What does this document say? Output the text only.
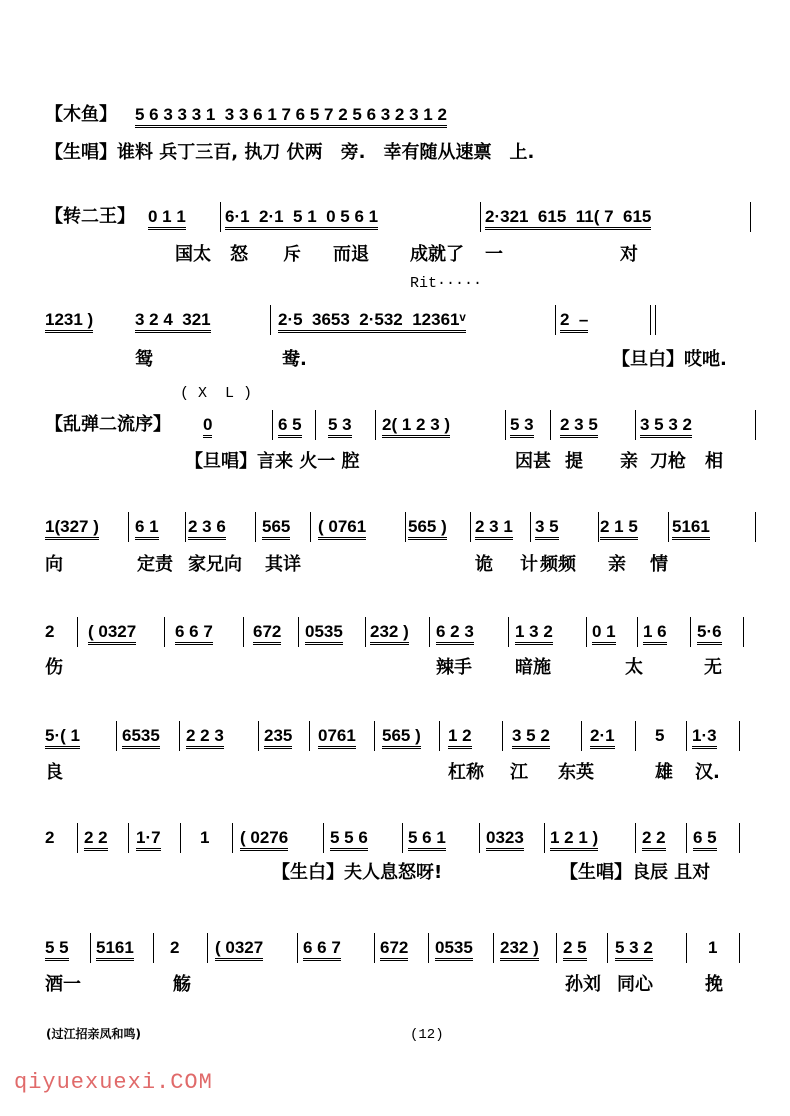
【木鱼】 5 6 3 3 3 1  3 3 6 1 7 6 5 7 2 5 6 3 2 3 1 2
【生唱】谁料 兵丁三百, 执刀 伏两　旁.　幸有随从速禀　上.
【转二王】 0 1 1 6·1  2·1  5 1  0 5 6 1	2·321  615  11( 7  615
国太 怒 斥 而退 成就了 一	对
Rit·····
1231 ) 3 2 4  321	2·5  3653  2·532  12361ᵛ	2  –
鸳	鸯.	【旦白】哎吔.
( X  L )
【乱弹二流序】 0	6 5 5 3 2( 1 2 3 )	5 3 2 3 5 3 5 3 2
【旦唱】言来 火一 腔	因甚 提 亲 刀枪 相
1(327 ) 6 1 2 3 6 565 ( 0761 565 ) 2 3 1 3 5 2 1 5 5161
向	定责 家兄向 其详	诡 计 频频 亲 情
2 ( 0327 6 6 7 672 0535 232 ) 6 2 3 1 3 2 0 1 1 6 5·6
伤	辣手 暗施	太	无
5·( 1 6535 2 2 3 235 0761 565 ) 1 2 3 5 2 2·1 5 1·3
良	杠称 江 东英	雄 汉.
2 2 2 1·7 1 ( 0276 5 5 6 5 6 1 0323 1 2 1 )	2 2 6 5
【生白】夫人息怒呀!	【生唱】良辰 且对
5 5 5161 2 ( 0327 6 6 7 672 0535 232 ) 2 5 5 3 2	1
酒一	觞	孙刘 同心	挽
(过江招亲凤和鸣)	(12)
qiyuexuexi.COM
